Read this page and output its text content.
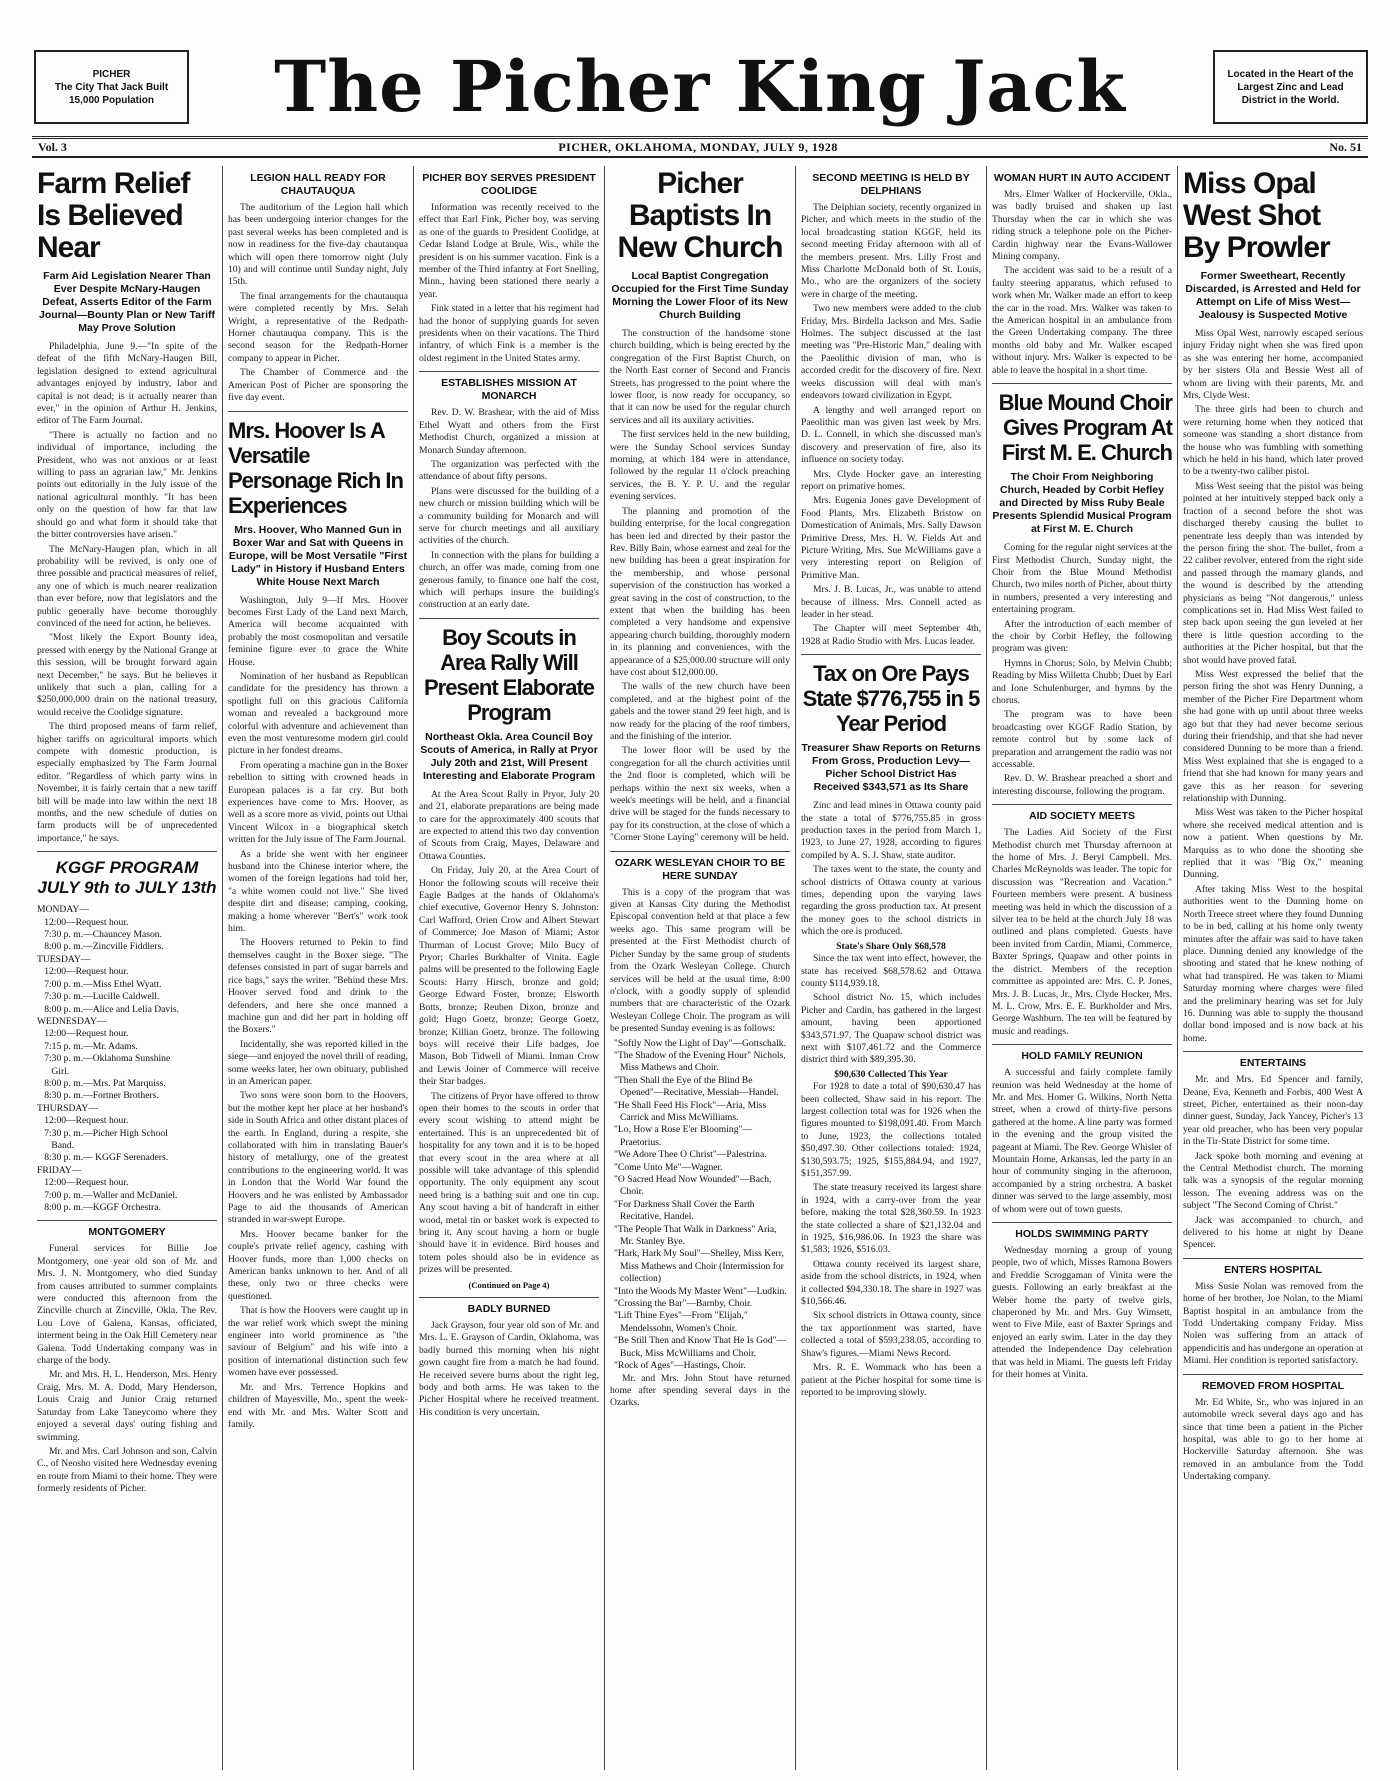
PICHER
The City That Jack Built
15,000 Population	The Picher King Jack	Located in the Heart of the Largest Zinc and Lead District in the World.
Vol. 3	PICHER, OKLAHOMA, MONDAY, JULY 9, 1928	No. 51
Farm Relief Is Believed Near
Farm Aid Legislation Nearer Than Ever Despite McNary-Haugen Defeat, Asserts Editor of the Farm Journal—Bounty Plan or New Tariff May Prove Solution

Philadelphia, June 9.—"In spite of the defeat of the fifth McNary-Haugen Bill, legislation designed to extend agricultural advantages enjoyed by industry, labor and capital is not dead; is it actually nearer than ever," in the opinion of Arthur H. Jenkins, editor of The Farm Journal.

"There is actually no faction and no individual of importance, including the President, who was not anxious or at least willing to pass an agrarian law," Mr. Jenkins points out editorially in the July issue of the national agricultural monthly. "It has been only on the question of how far that law should go and what form it should take that the bitter controversies have arisen."

The McNary-Haugen plan, which in all probability will be revived, is only one of three possible and practical measures of relief, any one of which is much nearer realization than ever before, now that legislators and the public generally have become thoroughly convinced of the need for action, he believes.

"Most likely the Export Bounty idea, pressed with energy by the National Grange at this session, will be brought forward again next December," he says. But he believes it unlikely that such a plan, calling for a $250,000,000 drain on the national treasury, would receive the Coolidge signature.

The third proposed means of farm relief, higher tariffs on agricultural imports which compete with domestic production, is especially emphasized by The Farm Journal editor. "Regardless of which party wins in November, it is fairly certain that a new tariff bill will be made into law within the next 18 months, and the new schedule of duties on farm products will be of unprecedented importance," he says.

KGGF PROGRAM JULY 9th to JULY 13th
MONDAY—
12:00—Request hour.
7:30 p. m.—Chauncey Mason.
8:00 p. m.—Zincville Fiddlers.
TUESDAY—
12:00—Request hour.
7:00 p. m.—Miss Ethel Wyatt.
7:30 p. m.—Lucille Caldwell.
8:00 p. m.—Alice and Lelia Davis.
WEDNESDAY—
12:00—Request hour.
7:15 p. m.—Mr. Adams.
7:30 p. m.—Oklahoma Sunshine
Girl.
8:00 p. m.—Mrs. Pat Marquiss.
8:30 p. m.—Fortner Brothers.
THURSDAY—
12:00—Request hour.
7:30 p. m.—Picher High School
Band.
8:30 p. m.— KGGF Serenaders.
FRIDAY—
12:00—Request hour.
7:00 p. m.—Waller and McDaniel.
8:00 p. m.—KGGF Orchestra.
MONTGOMERY

Funeral services for Billie Joe Montgomery, one year old son of Mr. and Mrs. J. N. Montgomery, who died Sunday from causes attributed to summer complaints were conducted this afternoon from the Zincville church at Zincville, Okla. The Rev. Lou Love of Galena, Kansas, officiated, interment being in the Oak Hill Cemetery near Galena. Todd Undertaking company was in charge of the body.

Mr. and Mrs. H. L. Henderson, Mrs. Henry Craig, Mrs. M. A. Dodd, Mary Henderson, Louis Craig and Junior Craig returned Saturday from Lake Taneycomo where they enjoyed a several days' outing fishing and swimming.

Mr. and Mrs. Carl Johnson and son, Calvin C., of Neosho visited here Wednesday evening en route from Miami to their home. They were formerly residents of Picher.

LEGION HALL READY FOR CHAUTAUQUA

The auditorium of the Legion hall which has been undergoing interior changes for the past several weeks has been completed and is now in readiness for the five-day chautauqua which will open there tomorrow night (July 10) and will continue until Sunday night, July 15th.

The final arrangements for the chautauqua were completed recently by Mrs. Selah Wright, a representative of the Redpath-Horner chautauqua company. This is the second season for the Redpath-Horner company to appear in Picher.

The Chamber of Commerce and the American Post of Picher are sponsoring the five day event.

Mrs. Hoover Is A Versatile Personage Rich In Experiences
Mrs. Hoover, Who Manned Gun in Boxer War and Sat with Queens in Europe, will be Most Versatile "First Lady" in History if Husband Enters White House Next March

Washington, July 9—If Mrs. Hoover becomes First Lady of the Land next March, America will become acquainted with probably the most cosmopolitan and versatile feminine figure ever to grace the White House.

Nomination of her husband as Republican candidate for the presidency has thrown a spotlight full on this gracious California woman and revealed a background more colorful with adventure and achievement than even the most venturesome modern girl could picture in her fondest dreams.

From operating a machine gun in the Boxer rebellion to sitting with crowned heads in European palaces is a far cry. But both experiences have come to Mrs. Hoover, as well as a score more as vivid, points out Uthai Vincent Wilcox in a biographical sketch written for the July issue of The Farm Journal.

As a bride she went with her engineer husband into the Chinese interior where, the women of the foreign legations had told her, "a white women could not live." She lived despite dirt and disease; camping, cooking, making a home wherever "Bert's" work took him.

The Hoovers returned to Pekin to find themselves caught in the Boxer siege. "The defenses consisted in part of sugar barrels and rice bags," says the writer. "Behind these Mrs. Hoover served food and drink to the defenders, and here she once manned a machine gun and did her part in holding off the Boxers."

Incidentally, she was reported killed in the siege—and enjoyed the novel thrill of reading, some weeks later, her own obituary, published in an American paper.

Two sons were soon born to the Hoovers, but the mother kept her place at her husband's side in South Africa and other distant places of the earth. In England, during a respite, she collaborated with him in translating Bauer's history of metallurgy, one of the greatest contributions to the engineering world. It was in London that the World War found the Hoovers and he was enlisted by Ambassador Page to aid the thousands of American stranded in war-swept Europe.

Mrs. Hoover became banker for the couple's private relief agency, cashing with Hoover funds, more than 1,000 checks on American banks unknown to her. And of all these, only two or three checks were questioned.

That is how the Hoovers were caught up in the war relief work which swept the mining engineer into world prominence as "the saviour of Belgium" and his wife into a position of international distinction such few women have ever possessed.

Mr. and Mrs. Terrence Hopkins and children of Mayesville, Mo., spent the week-end with Mr. and Mrs. Walter Scott and family.

PICHER BOY SERVES PRESIDENT COOLIDGE

Information was recently received to the effect that Earl Fink, Picher boy, was serving as one of the guards to President Coolidge, at Cedar Island Lodge at Brule, Wis., while the president is on his summer vacation. Fink is a member of the Third infantry at Fort Snelling, Minn., having been stationed there nearly a year.

Fink stated in a letter that his regiment had had the honor of supplying guards for seven presidents when on their vacations. The Third infantry, of which Fink is a member is the oldest regiment in the United States army.

ESTABLISHES MISSION AT MONARCH

Rev. D. W. Brashear, with the aid of Miss Ethel Wyatt and others from the First Methodist Church, organized a mission at Monarch Sunday afternoon.

The organization was perfected with the attendance of about fifty persons.

Plans were discussed for the building of a new church or mission building which will be a community building for Monarch and will serve for church meetings and all auxiliary activities of the church.

In connection with the plans for building a church, an offer was made, coming from one generous family, to finance one half the cost, which will perhaps insure the building's construction at an early date.

Boy Scouts in Area Rally Will Present Elaborate Program
Northeast Okla. Area Council Boy Scouts of America, in Rally at Pryor July 20th and 21st, Will Present Interesting and Elaborate Program

At the Area Scout Rally in Pryor, July 20 and 21, elaborate preparations are being made to care for the approximately 400 scouts that are expected to attend this two day convention of Scouts from Craig, Mayes, Delaware and Ottawa Counties.

On Friday, July 20, at the Area Court of Honor the following scouts will receive their Eagle Badges at the hands of Oklahoma's chief executive, Governor Henry S. Johnston: Carl Wafford, Orien Crow and Albert Stewart of Commerce; Joe Mason of Miami; Astor Thurman of Locust Grove; Milo Bucy of Pryor; Charles Burkhalter of Vinita. Eagle palms will be presented to the following Eagle Scouts: Harry Hirsch, bronze and gold; George Edward Foster, bronze; Elsworth Botts, bronze; Reuben Dixon, bronze and gold; Hugo Goetz, bronze; George Goetz, bronze; Killian Goetz, bronze. The following boys will receive their Life badges, Joe Mason, Bob Tidwell of Miami. Inman Crow and Lewis Joiner of Commerce will receive their Star badges.

The citizens of Pryor have offered to throw open their homes to the scouts in order that every scout wishing to attend might be entertained. This is an unprecedented bit of hospitality for any town and it is to be hoped that every scout in the area where at all possible will take advantage of this splendid opportunity. The only equipment any scout need bring is a bathing suit and one tin cup. Any scout having a bit of handcraft in either wood, metal tin or basket work is expected to bring it. Any scout having a horn or bugle should have it in evidence. Bird houses and totem poles should also be in evidence as prizes will be presented.

(Continued on Page 4)
BADLY BURNED

Jack Grayson, four year old son of Mr. and Mrs. L. E. Grayson of Cardin, Oklahoma, was badly burned this morning when his night gown caught fire from a match he had found. He received severe burns about the right leg, body and both arms. He was taken to the Picher Hospital where he received treatment. His condition is very uncertain.

Picher Baptists In New Church
Local Baptist Congregation Occupied for the First Time Sunday Morning the Lower Floor of its New Church Building

The construction of the handsome stone church building, which is being erected by the congregation of the First Baptist Church, on the North East corner of Second and Francis Streets, has progressed to the point where the lower floor, is now ready for occupancy, so that it can now be used for the regular church services and all its auxilary activities.

The first services held in the new building, were the Sunday School services Sunday morning, at which 184 were in attendance, followed by the regular 11 o'clock preaching services, the B. Y. P. U. and the regular evening services.

The planning and promotion of the building enterprise, for the local congregation has been led and directed by their pastor the Rev. Billy Bain, whose earnest and zeal for the new building has been a great inspiration for the membership, and whose personal supervision of the construction has worked a great saving in the cost of construction, to the extent that when the building has been completed a very handsome and expensive appearing church building, thoroughly modern in its planning and conveniences, with the appearance of a $25,000.00 structure will only have cost about $12,000.00.

The walls of the new church have been completed, and at the highest point of the gabels and the tower stand 29 feet high, and is now ready for the placing of the roof timbers, and the finishing of the interior.

The lower floor will be used by the congregation for all the church activities until the 2nd floor is completed, which will be perhaps within the next six weeks, when a week's meetings will be held, and a financial drive will be staged for the funds necessary to pay for its construction, at the close of which a "Corner Stone Laying" ceremony will be held.

OZARK WESLEYAN CHOIR TO BE HERE SUNDAY

This is a copy of the program that was given at Kansas City during the Methodist Episcopal convention held at that place a few weeks ago. This same program will be presented at the First Methodist church of Picher Sunday by the same group of students from the Ozark Wesleyan College. Church services will be held at the usual time, 8:00 o'clock, with a goodly supply of splendid numbers that are characteristic of the Ozark Wesleyan College Choir. The program as will be presented Sunday evening is as follows:

"Softly Now the Light of Day"—Gottschalk.
"The Shadow of the Evening Hour" Nichols, Miss Mathews and Choir.
"Then Shall the Eye of the Blind Be Opened"—Recitative, Messiah—Handel.
"He Shall Feed His Flock"—Aria, Miss Carrick and Miss McWilliams.
"Lo, How a Rose E'er Blooming"—Praetorius.
"We Adore Thee O Christ"—Palestrina.
"Come Unto Me"—Wagner.
"O Sacred Head Now Wounded"—Bach, Choir.
"For Darkness Shall Cover the Earth Recitative, Handel.
"The People That Walk in Darkness" Aria, Mr. Stanley Bye.
"Hark, Hark My Soul"—Shelley, Miss Kerr, Miss Mathews and Choir (Intermission for collection)
"Into the Woods My Master Went"—Ludkin.
"Crossing the Bar"—Barnby, Choir.
"Lift Thine Eyes"—From "Elijah," Mendelssohn, Women's Choir.
"Be Still Then and Know That He Is God"—Buck, Miss McWilliams and Choir.
"Rock of Ages"—Hastings, Choir.

Mr. and Mrs. John Stout have returned home after spending several days in the Ozarks.

SECOND MEETING IS HELD BY DELPHIANS

The Delphian society, recently organized in Picher, and which meets in the studio of the local broadcasting station KGGF, held its second meeting Friday afternoon with all of the members present. Mrs. Lilly Frost and Miss Charlotte McDonald both of St. Louis, Mo., who are the organizers of the society were in charge of the meeting.

Two new members were added to the club Friday, Mrs. Birdella Jackson and Mrs. Sadie Holmes. The subject discussed at the last meeting was "Pre-Historic Man," dealing with the Paeolithic division of man, who is accorded credit for the discovery of fire. Next weeks discussion will deal with man's endeavors toward civilization in Egypt.

A lengthy and well arranged report on Paeolithic man was given last week by Mrs. D. L. Connell, in which she discussed man's discovery and preservation of fire, also its influence on society today.

Mrs. Clyde Hocker gave an interesting report on primative homes.

Mrs. Eugenia Jones gave Development of Food Plants, Mrs. Elizabeth Bristow on Domestication of Animals, Mrs. Sally Dawson Primitive Dress, Mrs. H. W. Fields Art and Picture Writing, Mrs. Sue McWilliams gave a very interesting report on Religion of Primitive Man.

Mrs. J. B. Lucas, Jr., was unable to attend because of illness. Mrs. Connell acted as leader in her stead.

The Chapter will meet September 4th, 1928 at Radio Studio with Mrs. Lucas leader.

Tax on Ore Pays State $776,755 in 5 Year Period
Treasurer Shaw Reports on Returns From Gross, Production Levy—Picher School District Has Received $343,571 as Its Share

Zinc and lead mines in Ottawa county paid the state a total of $776,755.85 in gross production taxes in the period from March 1, 1923, to June 27, 1928, according to figures compiled by A. S. J. Shaw, state auditor.

The taxes went to the state, the county and school districts of Ottawa county at various times, depending upon the varying laws regarding the gross production tax. At present the money goes to the school districts in which the ore is produced.

State's Share Only $68,578

Since the tax went into effect, however, the state has received $68,578.62 and Ottawa county $114,939.18.

School district No. 15, which includes Picher and Cardin, has gathered in the largest amount, having been apportioned $343,571.97. The Quapaw school district was next with $107,461.72 and the Commerce district third with $89,395.30.

$90,630 Collected This Year

For 1928 to date a total of $90,630.47 has been collected, Shaw said in his report. The largest collection total was for 1926 when the figures mounted to $198,091.40. From March to June, 1923, the collections totaled $50,497.30. Other collections totaled: 1924, $130,593.75; 1925, $155,884.94, and 1927, $151,357.99.

The state treasury received its largest share in 1924, with a carry-over from the year before, making the total $28,360.59. In 1923 the state collected a share of $21,132.04 and in 1925, $16,986.06. In 1923 the share was $1,583; 1926, $516.03.

Ottawa county received its largest share, aside from the school districts, in 1924, when it collected $94,330.18. The share in 1927 was $10,566.46.

Six school districts in Ottawa county, since the tax apportionment was started, have collected a total of $593,238.05, according to Shaw's figures.—Miami News Record.

Mrs. R. E. Wommack who has been a patient at the Picher hospital for some time is reported to be improving slowly.

WOMAN HURT IN AUTO ACCIDENT

Mrs. Elmer Walker of Hockerville, Okla., was badly bruised and shaken up last Thursday when the car in which she was riding struck a telephone pole on the Picher-Cardin highway near the Evans-Wallower Mining company.

The accident was said to be a result of a faulty steering apparatus, which refused to work when Mr. Walker made an effort to keep the car in the road. Mrs. Walker was taken to the American hospital in an ambulance from the Green Undertaking company. The three months old baby and Mr. Walker escaped without injury. Mrs. Walker is expected to be able to leave the hospital in a short time.

Blue Mound Choir Gives Program At First M. E. Church
The Choir From Neighboring Church, Headed by Corbit Hefley and Directed by Miss Ruby Beale Presents Splendid Musical Program at First M. E. Church

Coming for the regular night services at the First Methodist Church, Sunday night, the Choir from the Blue Mound Methodist Church, two miles north of Picher, about thirty in numbers, presented a very interesting and entertaining program.

After the introduction of each member of the choir by Corbit Hefley, the following program was given:

Hymns in Chorus; Solo, by Melvin Chubb; Reading by Miss Willetta Chubb; Duet by Earl and Ione Schulenburger, and hymns by the chorus.

The program was to have been broadcasting over KGGF Radio Station, by remote control but by some lack of preparation and arrangement the radio was not accessable.

Rev. D. W. Brashear preached a short and interesting discourse, following the program.

AID SOCIETY MEETS

The Ladies Aid Society of the First Methodist church met Thursday afternoon at the home of Mrs. J. Beryl Campbell. Mrs. Charles McReynolds was leader. The topic for discussion was "Recreation and Vacation." Fourteen members were present. A business meeting was held in which the discussion of a silver tea to be held at the church July 18 was outlined and plans completed. Guests have been invited from Cardin, Miami, Commerce, Baxter Springs, Quapaw and other points in the district. Members of the reception committee as appointed are: Mrs. C. P. Jones, Mrs. J. B. Lucas, Jr., Mrs. Clyde Hocker, Mrs. M. L. Crow, Mrs. E. E. Burkholder and Mrs. George Washburn. The tea will be featured by music and readings.

HOLD FAMILY REUNION

A successful and fairly complete family reunion was held Wednesday at the home of Mr. and Mrs. Homer G. Wilkins, North Netta street, when a crowd of thirty-five persons gathered at the home. A line party was formed in the evening and the group visited the pageant at Miami. The Rev. George Whisler of Mountain Home, Arkansas, led the party in an hour of community singing in the afternoon, accompanied by a string orchestra. A basket dinner was served to the large assembly, most of whom were out of town guests.

HOLDS SWIMMING PARTY

Wednesday morning a group of young people, two of which, Misses Ramona Bowers and Freddie Scroggaman of Vinita were the guests. Following an early breakfast at the Weber home the party of twelve girls, chaperoned by Mr. and Mrs. Guy Wimsett, went to Five Mile, east of Baxter Springs and enjoyed an early swim. Later in the day they attended the Independence Day celebration that was held in Miami. The guests left Friday for their homes at Vinita.

Miss Opal West Shot By Prowler
Former Sweetheart, Recently Discarded, is Arrested and Held for Attempt on Life of Miss West—Jealousy is Suspected Motive

Miss Opal West, narrowly escaped serious injury Friday night when she was fired upon as she was entering her home, accompanied by her sisters Ola and Bessie West all of whom are living with their parents, Mr. and Mrs. Clyde West.

The three girls had been to church and were returning home when they noticed that someone was standing a short distance from the house who was fumbling with something which he held in his hand, which later proved to be a twenty-two caliber pistol.

Miss West seeing that the pistol was being pointed at her intuitively stepped back only a fraction of a second before the shot was discharged thereby causing the bullet to penentrate less deeply than was intended by the person firing the shot. The bullet, from a 22 caliber revolver, entered from the right side and passed through the mamary glands, and the wound is described by the attending physicians as being "Not dangerous," unless complications set in. Had Miss West failed to step back upon seeing the gun leveled at her there is little question according to the authorities at the Picher hospital, but that the shot would have proved fatal.

Miss West expressed the belief that the person firing the shot was Henry Dunning, a member of the Picher Fire Department whom she had gone with up until about three weeks ago but that they had never become serious during their friendship, and that she had never considered Dunning to be more than a friend. Miss West explained that she is engaged to a friend that she had known for many years and gave this as her reason for severing relationship with Dunning.

Miss West was taken to the Picher hospital where she received medical attention and is now a patient. When questions by Mr. Marquiss as to who done the shooting she replied that it was "Big Ox," meaning Dunning.

After taking Miss West to the hospital authorities went to the Dunning home on North Treece street where they found Dunning to be in bed, calling at his home only twenty minutes after the affair was said to have taken place. Dunning denied any knowledge of the shooting and stated that he knew nothing of what had transpired. He was taken to Miami Saturday morning where charges were filed and the preliminary hearing was set for July 16. Dunning was able to supply the thousand dollar bond imposed and is now back at his home.

ENTERTAINS

Mr. and Mrs. Ed Spencer and family, Deane, Eva, Kenneth and Forbis, 400 West A street, Picher, entertained as their noon-day dinner guest, Sunday, Jack Yancey, Picher's 13 year old preacher, who has been very popular in the Tir-State District for some time.

Jack spoke both morning and evening at the Central Methodist church. The morning talk was a synopsis of the regular morning lesson. The evening address was on the subject "The Second Coming of Christ."

Jack was accompanied to church, and delivered to his home at night by Deane Spencer.

ENTERS HOSPITAL

Miss Susie Nolan was removed from the home of her brother, Joe Nolan, to the Miami Baptist hospital in an ambulance from the Todd Undertaking company Friday. Miss Nolen was suffering from an attack of appendicitis and has undergone an operation at Miami. Her condition is reported satisfactory.

REMOVED FROM HOSPITAL

Mr. Ed White, Sr., who was injured in an automobile wreck several days ago and has since that time been a patient in the Picher hospital, was able to go to her home at Hockerville Saturday afternoon. She was removed in an ambulance from the Todd Undertaking company.
